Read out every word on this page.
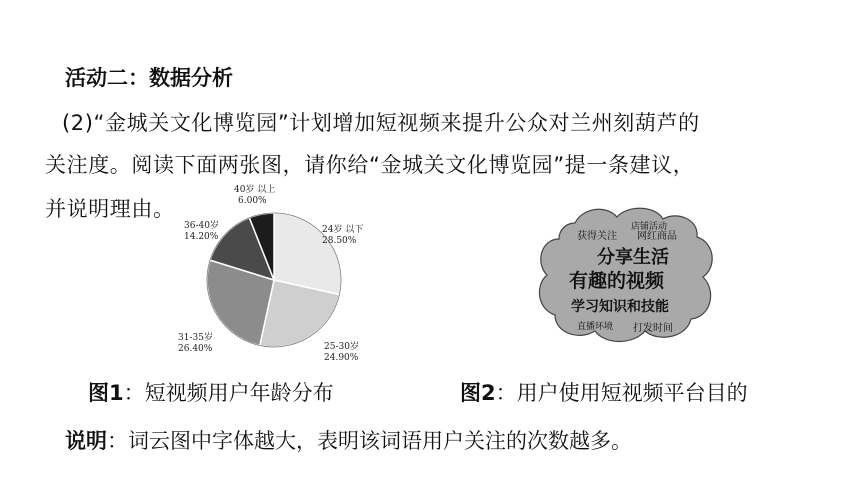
活动二：数据分析
(2)“金城关文化博览园”计划增加短视频来提升公众对兰州刻葫芦的
关注度。阅读下面两张图，请你给“金城关文化博览园”提一条建议，
并说明理由。
24岁 以下
28.50%
25-30岁
24.90%
31-35岁
26.40%
36-40岁
14.20%
40岁 以上
6.00%
店铺活动
获得关注 网红商品
分享生活
有趣的视频
学习知识和技能
直播环境 打发时间
图1：短视频用户年龄分布	图2：用户使用短视频平台目的
说明：词云图中字体越大，表明该词语用户关注的次数越多。
